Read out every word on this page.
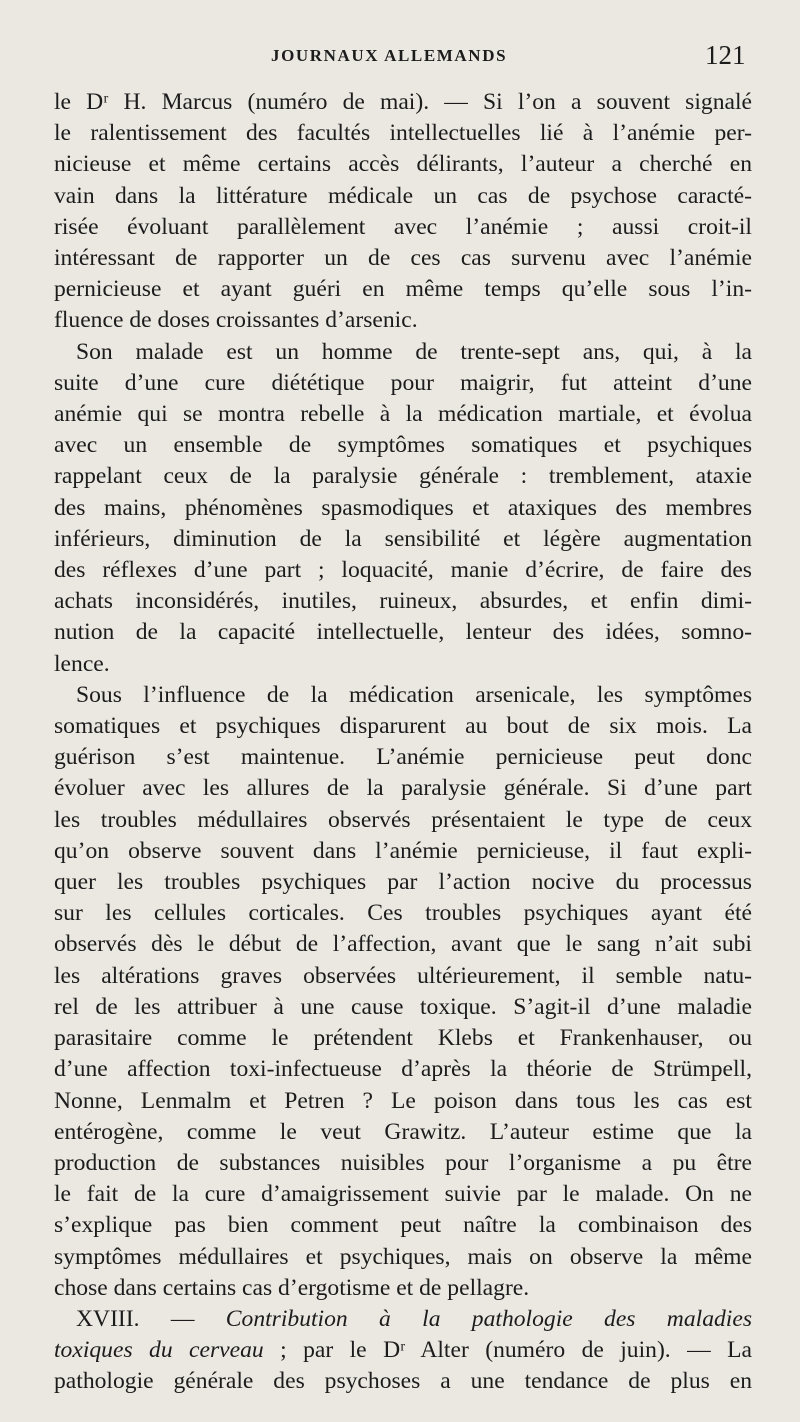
JOURNAUX ALLEMANDS	121
le Dʳ H. Marcus (numéro de mai). — Si l’on a souvent signalé
le ralentissement des facultés intellectuelles lié à l’anémie per-
nicieuse et même certains accès délirants, l’auteur a cherché en
vain dans la littérature médicale un cas de psychose caracté-
risée évoluant parallèlement avec l’anémie ; aussi croit-il
intéressant de rapporter un de ces cas survenu avec l’anémie
pernicieuse et ayant guéri en même temps qu’elle sous l’in-
fluence de doses croissantes d’arsenic.
Son malade est un homme de trente-sept ans, qui, à la
suite d’une cure diététique pour maigrir, fut atteint d’une
anémie qui se montra rebelle à la médication martiale, et évolua
avec un ensemble de symptômes somatiques et psychiques
rappelant ceux de la paralysie générale : tremblement, ataxie
des mains, phénomènes spasmodiques et ataxiques des membres
inférieurs, diminution de la sensibilité et légère augmentation
des réflexes d’une part ; loquacité, manie d’écrire, de faire des
achats inconsidérés, inutiles, ruineux, absurdes, et enfin dimi-
nution de la capacité intellectuelle, lenteur des idées, somno-
lence.
Sous l’influence de la médication arsenicale, les symptômes
somatiques et psychiques disparurent au bout de six mois. La
guérison s’est maintenue. L’anémie pernicieuse peut donc
évoluer avec les allures de la paralysie générale. Si d’une part
les troubles médullaires observés présentaient le type de ceux
qu’on observe souvent dans l’anémie pernicieuse, il faut expli-
quer les troubles psychiques par l’action nocive du processus
sur les cellules corticales. Ces troubles psychiques ayant été
observés dès le début de l’affection, avant que le sang n’ait subi
les altérations graves observées ultérieurement, il semble natu-
rel de les attribuer à une cause toxique. S’agit-il d’une maladie
parasitaire comme le prétendent Klebs et Frankenhauser, ou
d’une affection toxi-infectueuse d’après la théorie de Strümpell,
Nonne, Lenmalm et Petren ? Le poison dans tous les cas est
entérogène, comme le veut Grawitz. L’auteur estime que la
production de substances nuisibles pour l’organisme a pu être
le fait de la cure d’amaigrissement suivie par le malade. On ne
s’explique pas bien comment peut naître la combinaison des
symptômes médullaires et psychiques, mais on observe la même
chose dans certains cas d’ergotisme et de pellagre.
XVIII. — Contribution à la pathologie des maladies
toxiques du cerveau ; par le Dʳ Alter (numéro de juin). — La
pathologie générale des psychoses a une tendance de plus en
